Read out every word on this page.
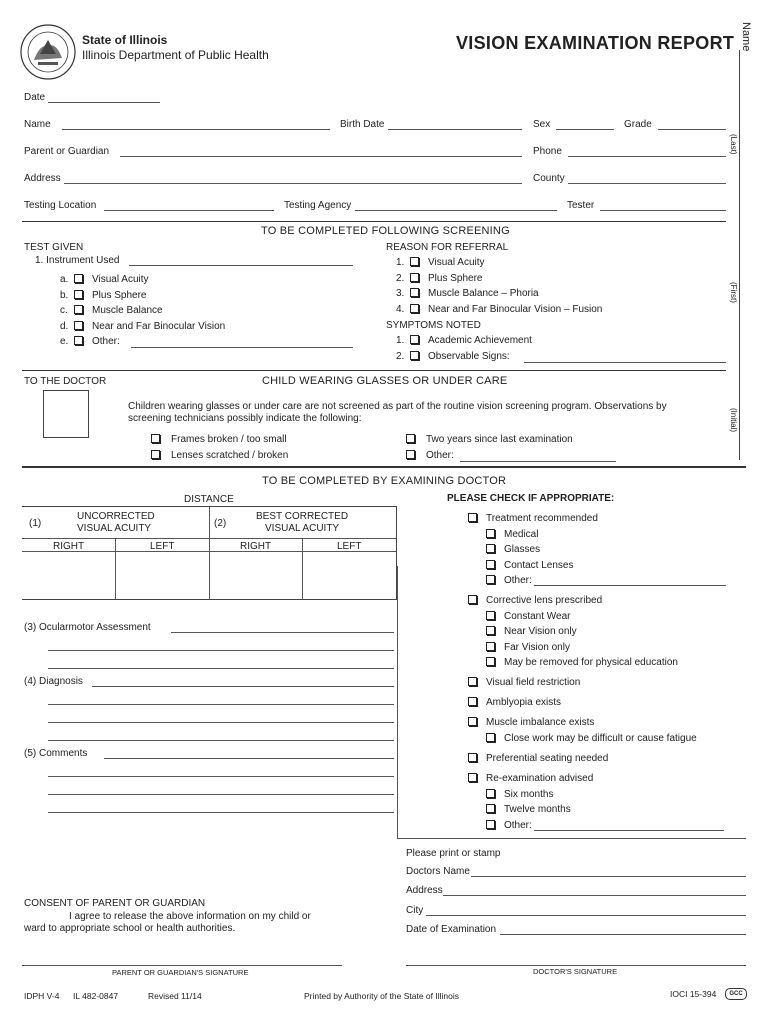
State of Illinois
Illinois Department of Public Health
VISION EXAMINATION REPORT Name
(Last)
(First)
(Initial)
Date
Name	Birth Date	Sex	Grade
Parent or Guardian	Phone
Address	County
Testing Location	Testing Agency	Tester
TO BE COMPLETED FOLLOWING SCREENING
TEST GIVEN
1. Instrument Used
a. Visual Acuity
b. Plus Sphere
c. Muscle Balance
d. Near and Far Binocular Vision
e. Other:
REASON FOR REFERRAL
1. Visual Acuity
2. Plus Sphere
3. Muscle Balance – Phoria
4. Near and Far Binocular Vision – Fusion
SYMPTOMS NOTED
1. Academic Achievement
2. Observable Signs:
TO THE DOCTOR	CHILD WEARING GLASSES OR UNDER CARE
Children wearing glasses or under care are not screened as part of the routine vision screening program. Observations by
screening technicians possibly indicate the following:
Frames broken / too small
Lenses scratched / broken
Two years since last examination
Other:
TO BE COMPLETED BY EXAMINING DOCTOR
DISTANCE
(1)
UNCORRECTED
VISUAL ACUITY	(2)
BEST CORRECTED
VISUAL ACUITY
RIGHT	LEFT	RIGHT	LEFT
(3) Ocularmotor Assessment
(4) Diagnosis
(5) Comments
PLEASE CHECK IF APPROPRIATE:
Treatment recommended
Medical
Glasses
Contact Lenses
Other:
Corrective lens prescribed
Constant Wear
Near Vision only
Far Vision only
May be removed for physical education
Visual field restriction
Amblyopia exists
Muscle imbalance exists
Close work may be difficult or cause fatigue
Preferential seating needed
Re-examination advised
Six months
Twelve months
Other:
Please print or stamp
Doctors Name
Address
City
Date of Examination
DOCTOR'S SIGNATURE
CONSENT OF PARENT OR GUARDIAN
I agree to release the above information on my child or
ward to appropriate school or health authorities.
PARENT OR GUARDIAN'S SIGNATURE
IDPH V-4 IL 482-0847	Revised 11/14	Printed by Authority of the State of Illinois	IOCI 15-394	GCC
